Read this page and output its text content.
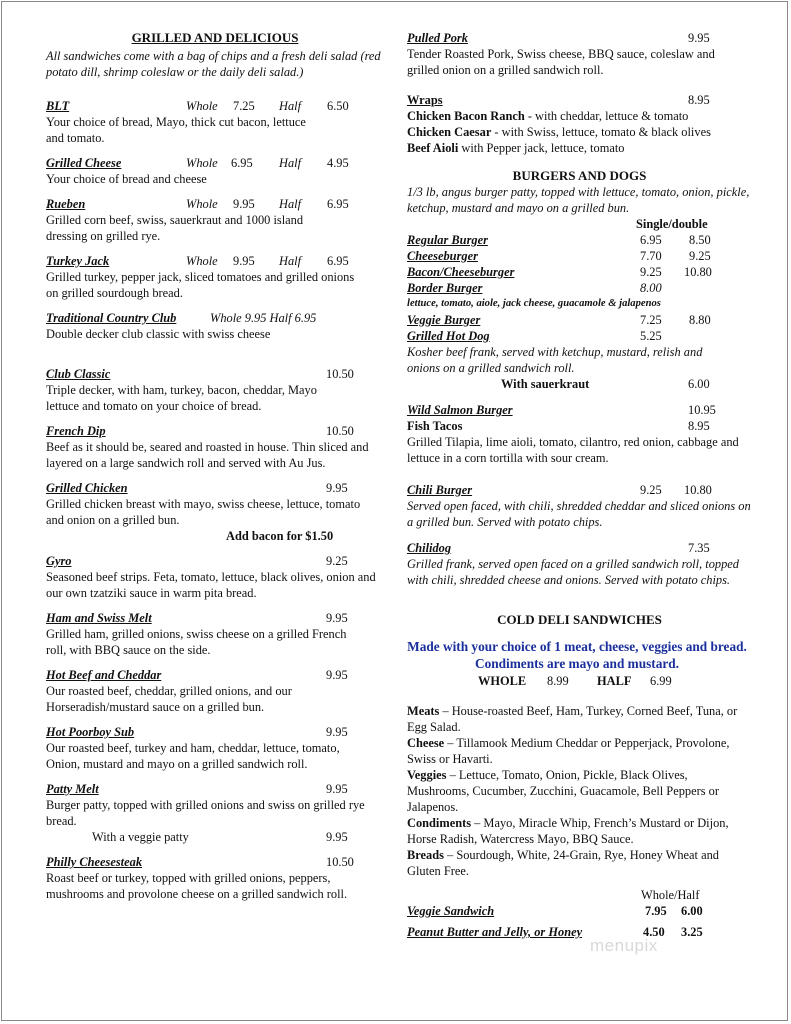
GRILLED AND DELICIOUS
All sandwiches come with a bag of chips and a fresh deli salad (red potato dill, shrimp coleslaw or the daily deli salad.)
BLT	Whole 7.25 Half 6.50
Your choice of bread, Mayo, thick cut bacon, lettuce and tomato.
Grilled Cheese	Whole 6.95 Half 4.95
Your choice of bread and cheese
Rueben	Whole 9.95 Half 6.95
Grilled corn beef, swiss, sauerkraut and 1000 island dressing on grilled rye.
Turkey Jack	Whole 9.95 Half 6.95
Grilled turkey, pepper jack, sliced tomatoes and grilled onions on grilled sourdough bread.
Traditional Country Club	Whole 9.95 Half 6.95
Double decker club classic with swiss cheese
Club Classic	10.50
Triple decker, with ham, turkey, bacon, cheddar, Mayo lettuce and tomato on your choice of bread.
French Dip	10.50
Beef as it should be, seared and roasted in house. Thin sliced and layered on a large sandwich roll and served with Au Jus.
Grilled Chicken	9.95
Grilled chicken breast with mayo, swiss cheese, lettuce, tomato and onion on a grilled bun.
Add bacon for $1.50
Gyro	9.25
Seasoned beef strips. Feta, tomato, lettuce, black olives, onion and our own tzatziki sauce in warm pita bread.
Ham and Swiss Melt	9.95
Grilled ham, grilled onions, swiss cheese on a grilled French roll, with BBQ sauce on the side.
Hot Beef and Cheddar	9.95
Our roasted beef, cheddar, grilled onions, and our Horseradish/mustard sauce on a grilled bun.
Hot Poorboy Sub	9.95
Our roasted beef, turkey and ham, cheddar, lettuce, tomato,
Onion, mustard and mayo on a grilled sandwich roll.
Patty Melt	9.95
Burger patty, topped with grilled onions and swiss on grilled rye bread.
With a veggie patty	9.95
Philly Cheesesteak	10.50
Roast beef or turkey, topped with grilled onions, peppers, mushrooms and provolone cheese on a grilled sandwich roll.
Pulled Pork	9.95
Tender Roasted Pork, Swiss cheese, BBQ sauce, coleslaw and grilled onion on a grilled sandwich roll.
Wraps	8.95
Chicken Bacon Ranch - with cheddar, lettuce & tomato
Chicken Caesar - with Swiss, lettuce, tomato & black olives
Beef Aioli with Pepper jack, lettuce, tomato
BURGERS AND DOGS
1/3 lb, angus burger patty, topped with lettuce, tomato, onion, pickle, ketchup, mustard and mayo on a grilled bun.
Single/double
Regular Burger	6.95 8.50
Cheeseburger	7.70 9.25
Bacon/Cheeseburger	9.25 10.80
Border Burger	8.00
lettuce, tomato, aiole, jack cheese, guacamole & jalapenos
Veggie Burger	7.25 8.80
Grilled Hot Dog	5.25
Kosher beef frank, served with ketchup, mustard, relish and onions on a grilled sandwich roll.
With sauerkraut	6.00
Wild Salmon Burger	10.95
Fish Tacos	8.95
Grilled Tilapia, lime aioli, tomato, cilantro, red onion, cabbage and lettuce in a corn tortilla with sour cream.
Chili Burger	9.25 10.80
Served open faced, with chili, shredded cheddar and sliced onions on a grilled bun. Served with potato chips.
Chilidog	7.35
Grilled frank, served open faced on a grilled sandwich roll, topped with chili, shredded cheese and onions. Served with potato chips.
COLD DELI SANDWICHES
Made with your choice of 1 meat, cheese, veggies and bread. Condiments are mayo and mustard.
WHOLE 8.99 HALF 6.99
Meats – House-roasted Beef, Ham, Turkey, Corned Beef, Tuna, or Egg Salad.
Cheese – Tillamook Medium Cheddar or Pepperjack, Provolone, Swiss or Havarti.
Veggies – Lettuce, Tomato, Onion, Pickle, Black Olives, Mushrooms, Cucumber, Zucchini, Guacamole, Bell Peppers or Jalapenos.
Condiments – Mayo, Miracle Whip, French’s Mustard or Dijon, Horse Radish, Watercress Mayo, BBQ Sauce.
Breads – Sourdough, White, 24-Grain, Rye, Honey Wheat and Gluten Free.
Whole/Half
Veggie Sandwich	7.95 6.00
Peanut Butter and Jelly, or Honey	4.50 3.25
menupix
